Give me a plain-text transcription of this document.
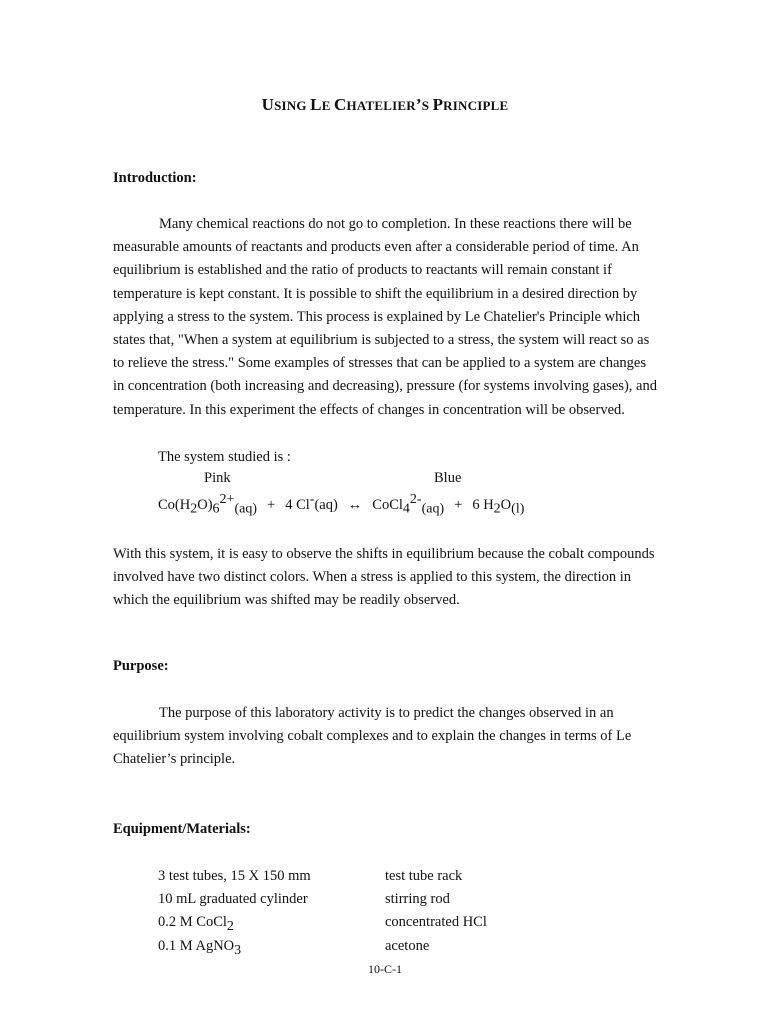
USING LE CHATELIER’S PRINCIPLE
Introduction:
Many chemical reactions do not go to completion. In these reactions there will be measurable amounts of reactants and products even after a considerable period of time. An equilibrium is established and the ratio of products to reactants will remain constant if temperature is kept constant. It is possible to shift the equilibrium in a desired direction by applying a stress to the system. This process is explained by Le Chatelier's Principle which states that, "When a system at equilibrium is subjected to a stress, the system will react so as to relieve the stress." Some examples of stresses that can be applied to a system are changes in concentration (both increasing and decreasing), pressure (for systems involving gases), and temperature. In this experiment the effects of changes in concentration will be observed.
The system studied is :
Pink	Blue
$Co(H_2O)_6^{2+}_{(aq)} + 4$ Cl-(aq) ↔ CoCl$_4^{2-}_{(aq)}$ + 6 $H_2O_{(l)}$
With this system, it is easy to observe the shifts in equilibrium because the cobalt compounds involved have two distinct colors. When a stress is applied to this system, the direction in which the equilibrium was shifted may be readily observed.
Purpose:
The purpose of this laboratory activity is to predict the changes observed in an equilibrium system involving cobalt complexes and to explain the changes in terms of Le Chatelier’s principle.
Equipment/Materials:
3 test tubes, 15 X 150 mm
10 mL graduated cylinder
0.2 M CoCl$_2$
0.1 M AgNO$_3$
test tube rack
stirring rod
concentrated HCl
acetone
10-C-1
